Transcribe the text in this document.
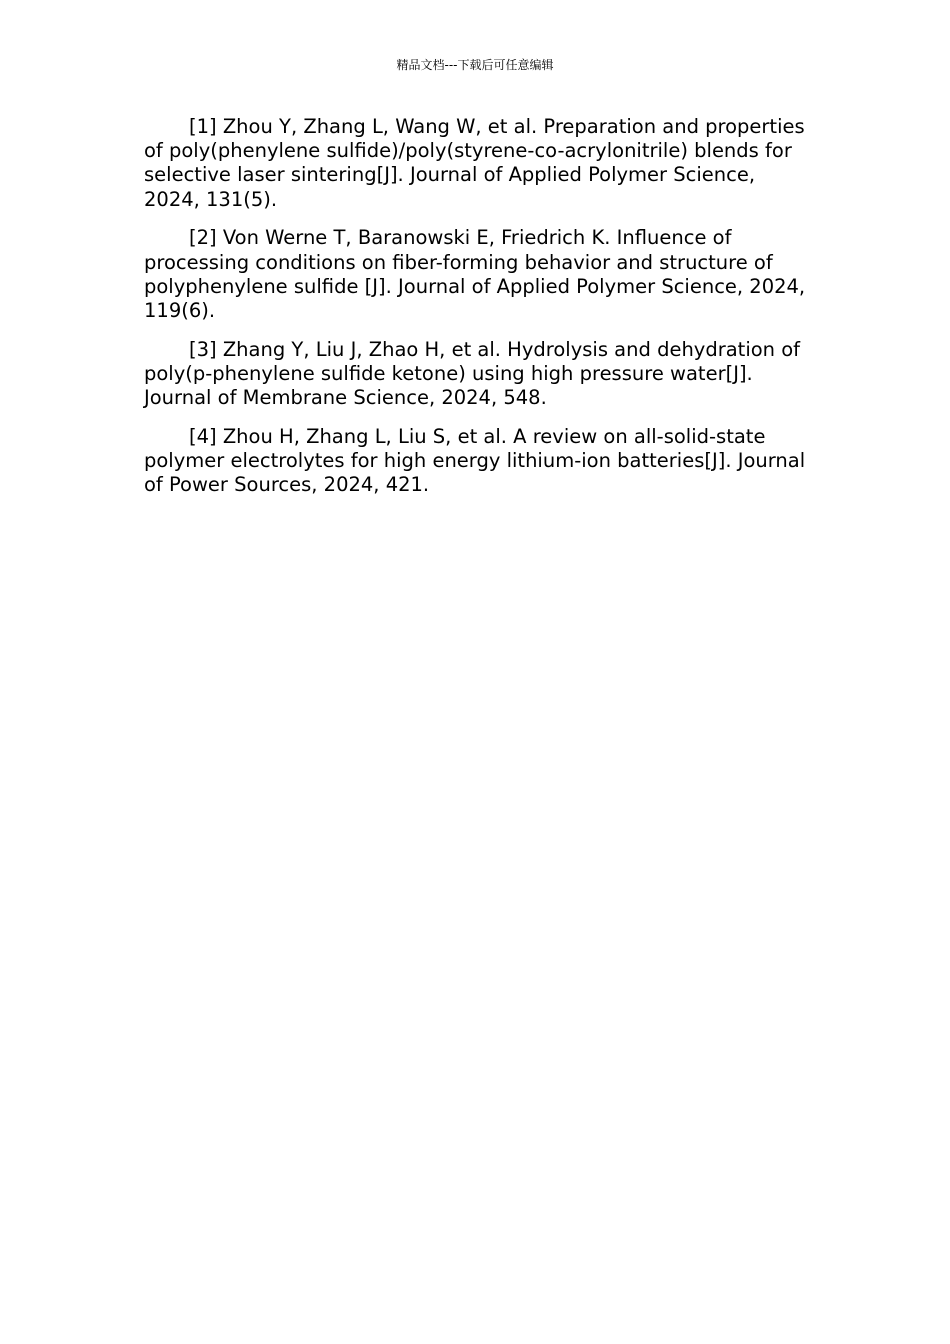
精品文档---下载后可任意编辑

[1] Zhou Y, Zhang L, Wang W, et al. Preparation and properties of poly(phenylene sulfide)/poly(styrene-co-acrylonitrile) blends for selective laser sintering[J]. Journal of Applied Polymer Science, 2024, 131(5).

[2] Von Werne T, Baranowski E, Friedrich K. Influence of processing conditions on fiber-forming behavior and structure of polyphenylene sulfide [J]. Journal of Applied Polymer Science, 2024, 119(6).

[3] Zhang Y, Liu J, Zhao H, et al. Hydrolysis and dehydration of poly(p-phenylene sulfide ketone) using high pressure water[J]. Journal of Membrane Science, 2024, 548.

[4] Zhou H, Zhang L, Liu S, et al. A review on all-solid-state polymer electrolytes for high energy lithium-ion batteries[J]. Journal of Power Sources, 2024, 421.
